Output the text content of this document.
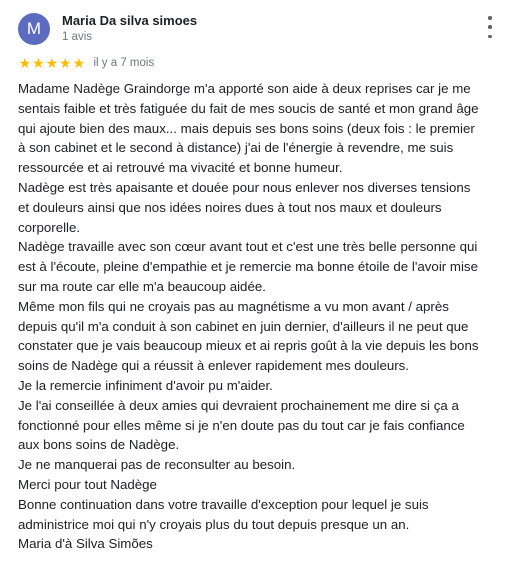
M	Maria Da silva simoes
1 avis
★ ★ ★ ★ ★ il y a 7 mois
Madame Nadège Graindorge m'a apporté son aide à deux reprises car je me
sentais faible et très fatiguée du fait de mes soucis de santé et mon grand âge
qui ajoute bien des maux... mais depuis ses bons soins (deux fois : le premier
à son cabinet et le second à distance) j'ai de l'énergie à revendre, me suis
ressourcée et ai retrouvé ma vivacité et bonne humeur.
Nadège est très apaisante et douée pour nous enlever nos diverses tensions
et douleurs ainsi que nos idées noires dues à tout nos maux et douleurs
corporelle.
Nadège travaille avec son cœur avant tout et c'est une très belle personne qui
est à l'écoute, pleine d'empathie et je remercie ma bonne étoile de l'avoir mise
sur ma route car elle m'a beaucoup aidée.
Même mon fils qui ne croyais pas au magnétisme a vu mon avant / après
depuis qu'il m'a conduit à son cabinet en juin dernier, d'ailleurs il ne peut que
constater que je vais beaucoup mieux et ai repris goût à la vie depuis les bons
soins de Nadège qui a réussit à enlever rapidement mes douleurs.
Je la remercie infiniment d'avoir pu m'aider.
Je l'ai conseillée à deux amies qui devraient prochainement me dire si ça a
fonctionné pour elles même si je n'en doute pas du tout car je fais confiance
aux bons soins de Nadège.
Je ne manquerai pas de reconsulter au besoin.
Merci pour tout Nadège
Bonne continuation dans votre travaille d'exception pour lequel je suis
administrice moi qui n'y croyais plus du tout depuis presque un an.
Maria d'à Silva Simões
